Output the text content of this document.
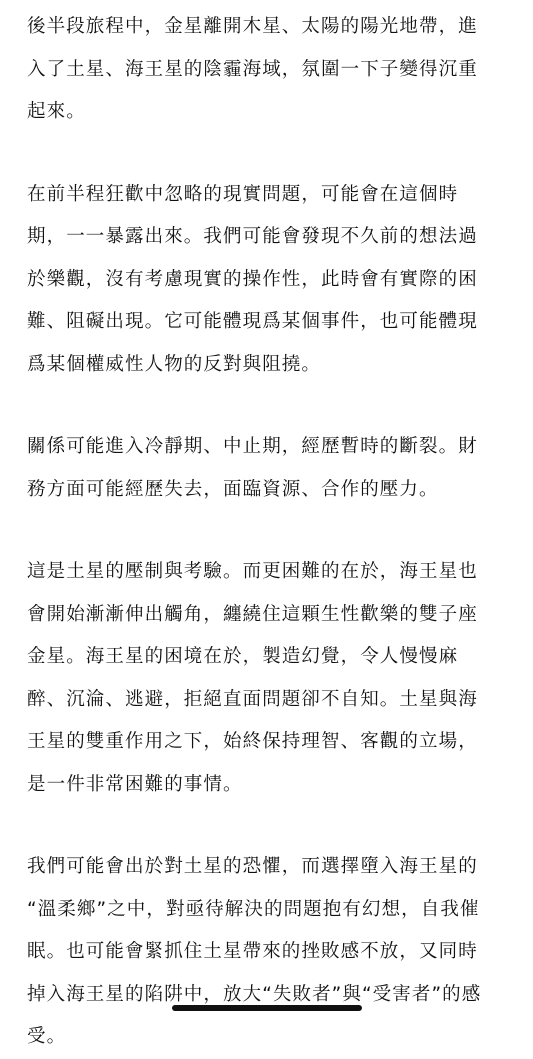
後半段旅程中，金星離開木星、太陽的陽光地帶，進
入了土星、海王星的陰霾海域，氛圍一下子變得沉重
起來。

在前半程狂歡中忽略的現實問題，可能會在這個時
期，一一暴露出來。我們可能會發現不久前的想法過
於樂觀，沒有考慮現實的操作性，此時會有實際的困
難、阻礙出現。它可能體現爲某個事件，也可能體現
爲某個權威性人物的反對與阻撓。

關係可能進入冷靜期、中止期，經歷暫時的斷裂。財
務方面可能經歷失去，面臨資源、合作的壓力。

這是土星的壓制與考驗。而更困難的在於，海王星也
會開始漸漸伸出觸角，纏繞住這顆生性歡樂的雙子座
金星。海王星的困境在於，製造幻覺，令人慢慢麻
醉、沉淪、逃避，拒絕直面問題卻不自知。土星與海
王星的雙重作用之下，始終保持理智、客觀的立場，
是一件非常困難的事情。

我們可能會出於對土星的恐懼，而選擇墮入海王星的
“溫柔鄉”之中，對亟待解決的問題抱有幻想，自我催
眠。也可能會緊抓住土星帶來的挫敗感不放，又同時
掉入海王星的陷阱中，放大“失敗者”與“受害者”的感
受。
